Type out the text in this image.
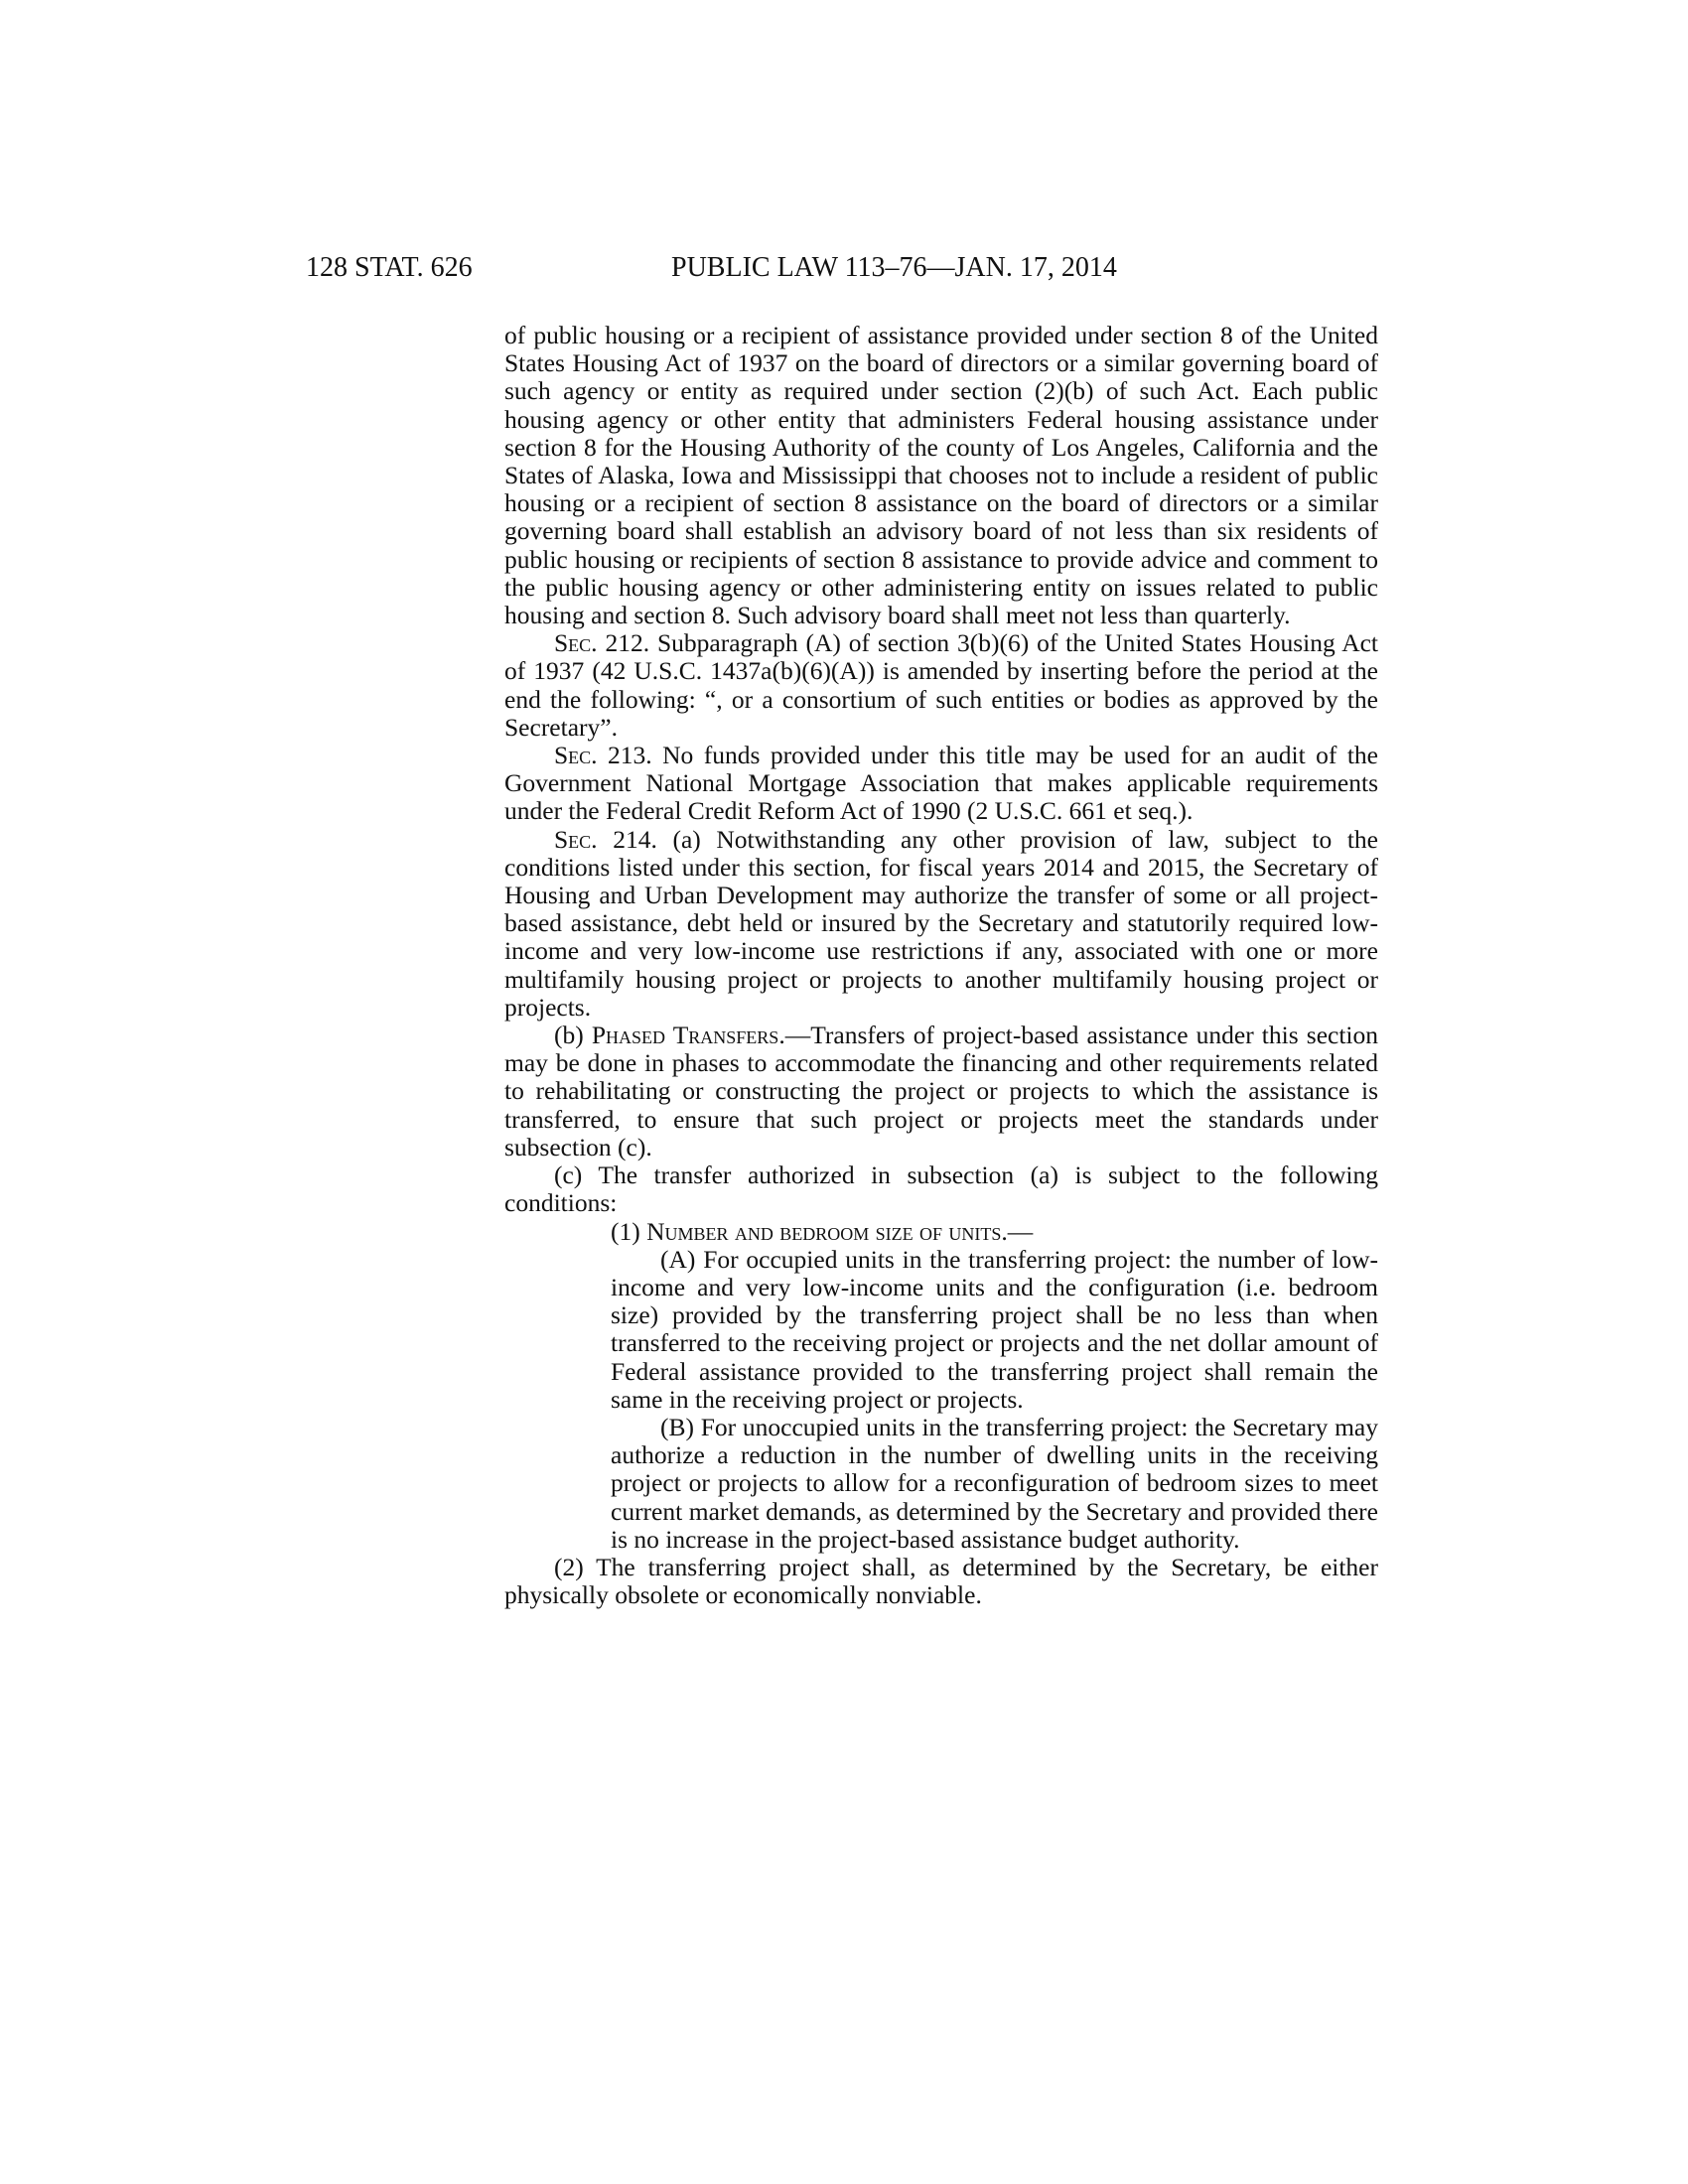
128 STAT. 626	PUBLIC LAW 113–76—JAN. 17, 2014

of public housing or a recipient of assistance provided under section 8 of the United States Housing Act of 1937 on the board of directors or a similar governing board of such agency or entity as required under section (2)(b) of such Act. Each public housing agency or other entity that administers Federal housing assistance under section 8 for the Housing Authority of the county of Los Angeles, California and the States of Alaska, Iowa and Mississippi that chooses not to include a resident of public housing or a recipient of section 8 assistance on the board of directors or a similar governing board shall establish an advisory board of not less than six residents of public housing or recipients of section 8 assistance to provide advice and comment to the public housing agency or other administering entity on issues related to public housing and section 8. Such advisory board shall meet not less than quarterly.

Sec. 212. Subparagraph (A) of section 3(b)(6) of the United States Housing Act of 1937 (42 U.S.C. 1437a(b)(6)(A)) is amended by inserting before the period at the end the following: “, or a consortium of such entities or bodies as approved by the Secretary”.

Sec. 213. No funds provided under this title may be used for an audit of the Government National Mortgage Association that makes applicable requirements under the Federal Credit Reform Act of 1990 (2 U.S.C. 661 et seq.).

Sec. 214. (a) Notwithstanding any other provision of law, subject to the conditions listed under this section, for fiscal years 2014 and 2015, the Secretary of Housing and Urban Development may authorize the transfer of some or all project-based assistance, debt held or insured by the Secretary and statutorily required low-income and very low-income use restrictions if any, associated with one or more multifamily housing project or projects to another multifamily housing project or projects.

(b) Phased Transfers.—Transfers of project-based assistance under this section may be done in phases to accommodate the financing and other requirements related to rehabilitating or constructing the project or projects to which the assistance is transferred, to ensure that such project or projects meet the standards under subsection (c).

(c) The transfer authorized in subsection (a) is subject to the following conditions:

(1) Number and bedroom size of units.—

(A) For occupied units in the transferring project: the number of low-income and very low-income units and the configuration (i.e. bedroom size) provided by the transferring project shall be no less than when transferred to the receiving project or projects and the net dollar amount of Federal assistance provided to the transferring project shall remain the same in the receiving project or projects.

(B) For unoccupied units in the transferring project: the Secretary may authorize a reduction in the number of dwelling units in the receiving project or projects to allow for a reconfiguration of bedroom sizes to meet current market demands, as determined by the Secretary and provided there is no increase in the project-based assistance budget authority.

(2) The transferring project shall, as determined by the Secretary, be either physically obsolete or economically nonviable.
